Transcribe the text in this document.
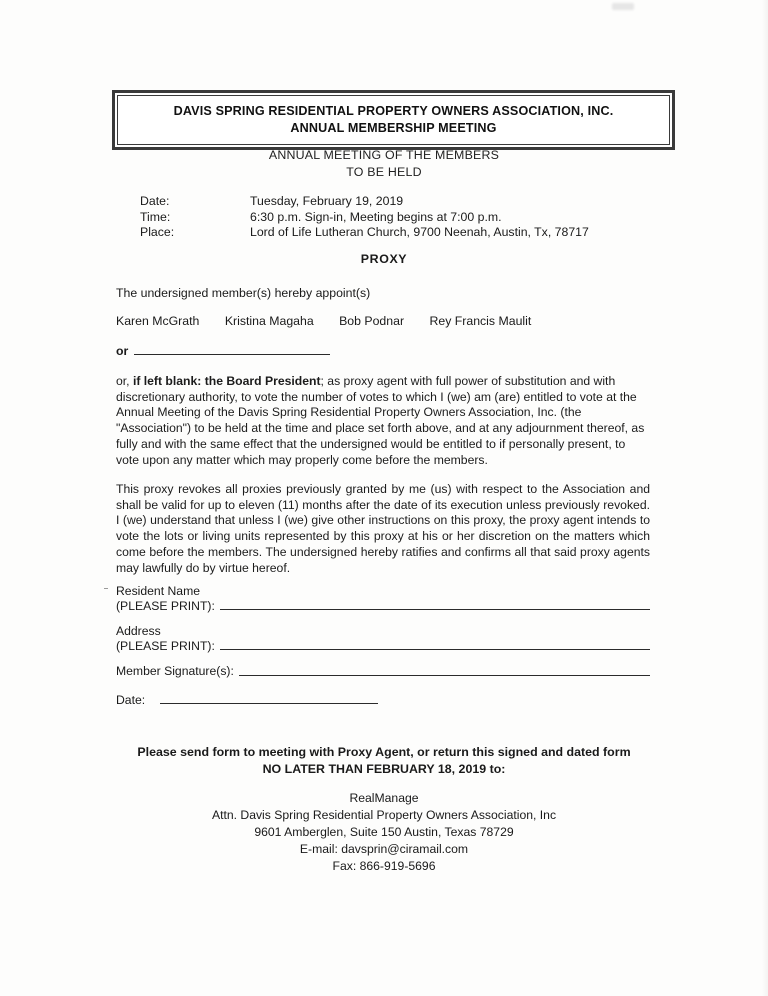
DAVIS SPRING RESIDENTIAL PROPERTY OWNERS ASSOCIATION, INC.
ANNUAL MEMBERSHIP MEETING
ANNUAL MEETING OF THE MEMBERS
TO BE HELD
Date:	Tuesday, February 19, 2019
Time:	6:30 p.m. Sign-in, Meeting begins at 7:00 p.m.
Place:	Lord of Life Lutheran Church, 9700 Neenah, Austin, Tx, 78717
PROXY
The undersigned member(s) hereby appoint(s)
Karen McGrath Kristina Magaha Bob Podnar Rey Francis Maulit
or
or, if left blank: the Board President; as proxy agent with full power of substitution and with discretionary authority, to vote the number of votes to which I (we) am (are) entitled to vote at the Annual Meeting of the Davis Spring Residential Property Owners Association, Inc. (the "Association") to be held at the time and place set forth above, and at any adjournment thereof, as fully and with the same effect that the undersigned would be entitled to if personally present, to vote upon any matter which may properly come before the members.
This proxy revokes all proxies previously granted by me (us) with respect to the Association and shall be valid for up to eleven (11) months after the date of its execution unless previously revoked. I (we) understand that unless I (we) give other instructions on this proxy, the proxy agent intends to vote the lots or living units represented by this proxy at his or her discretion on the matters which come before the members. The undersigned hereby ratifies and confirms all that said proxy agents may lawfully do by virtue hereof.
Resident Name
(PLEASE PRINT):
Address
(PLEASE PRINT):
Member Signature(s):
Date:
Please send form to meeting with Proxy Agent, or return this signed and dated form
NO LATER THAN FEBRUARY 18, 2019 to:
RealManage
Attn. Davis Spring Residential Property Owners Association, Inc
9601 Amberglen, Suite 150 Austin, Texas 78729
E-mail: davsprin@ciramail.com
Fax: 866-919-5696
